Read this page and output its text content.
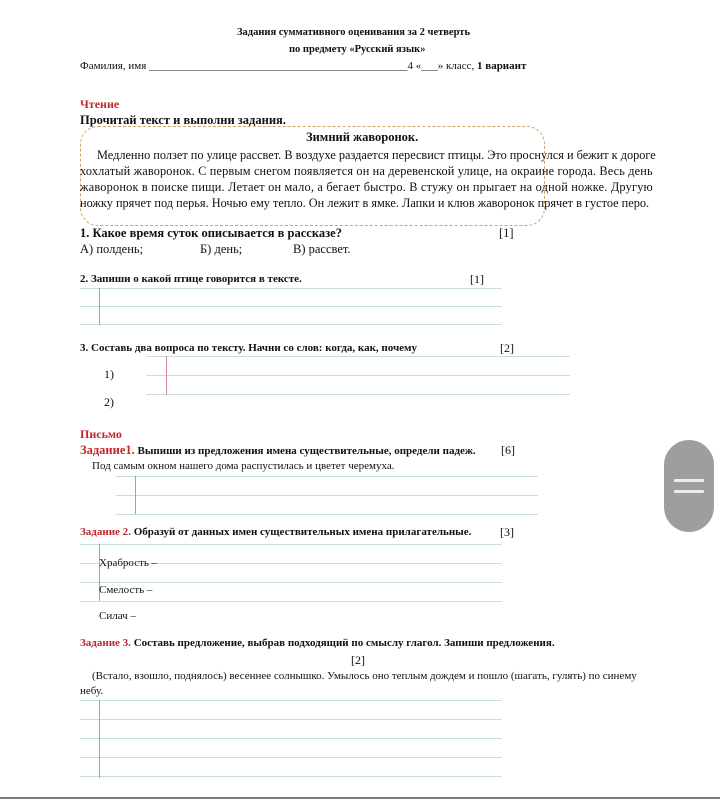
Задания суммативного оценивания за 2 четверть
по предмету «Русский язык»
Фамилия, имя _______________________________________________4 «___» класс, 1 вариант
Чтение
Прочитай текст и выполни задания.
Зимний жаворонок.
Медленно ползет по улице рассвет. В воздухе раздается пересвист птицы. Это проснулся и бежит к дороге
хохлатый жаворонок. С первым снегом появляется он на деревенской улице, на окраине города. Весь день
жаворонок в поиске пищи. Летает он мало, а бегает быстро. В стужу он прыгает на одной ножке. Другую
ножку прячет под перья. Ночью ему тепло. Он лежит в ямке. Лапки и клюв жаворонок прячет в густое перо.
1. Какое время суток описывается в рассказе?	[1]
А) полдень;	Б) день;	В) рассвет.
2. Запиши о какой птице говорится в тексте.	[1]
3. Составь два вопроса по тексту. Начни со слов: когда, как, почему	[2]
1)
2)
Письмо
Задание1. Выпиши из предложения имена существительные, определи падеж. [6]
Под самым окном нашего дома распустилась и цветет черемуха.
Задание 2. Образуй от данных имен существительных имена прилагательные. [3]
Храбрость –
Смелость –
Силач –
Задание 3. Составь предложение, выбрав подходящий по смыслу глагол. Запиши предложения.
[2]
(Встало, взошло, поднялось) весеннее солнышко. Умылось оно теплым дождем и пошло (шагать, гулять) по синему
небу.
